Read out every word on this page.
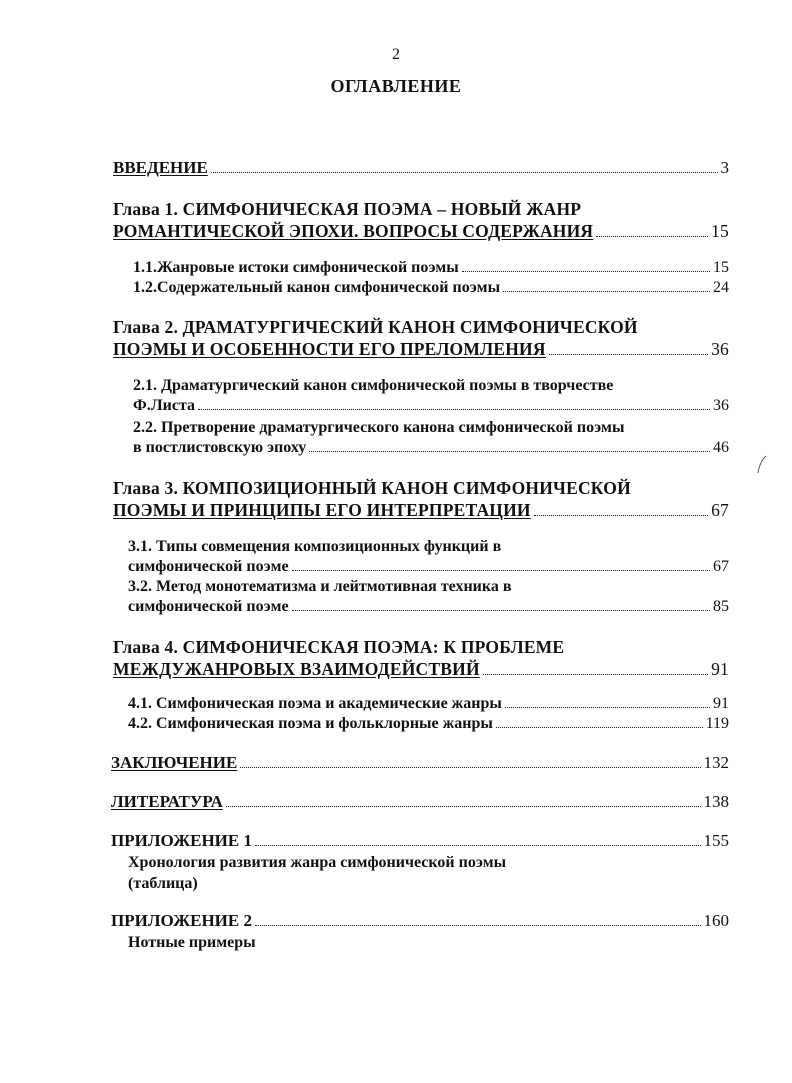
2
ОГЛАВЛЕНИЕ
ВВЕДЕНИЕ	3
Глава 1. СИМФОНИЧЕСКАЯ ПОЭМА – НОВЫЙ ЖАНР
РОМАНТИЧЕСКОЙ ЭПОХИ. ВОПРОСЫ СОДЕРЖАНИЯ	15
1.1.Жанровые истоки симфонической поэмы	15
1.2.Содержательный канон симфонической поэмы	24
Глава 2. ДРАМАТУРГИЧЕСКИЙ КАНОН СИМФОНИЧЕСКОЙ
ПОЭМЫ И ОСОБЕННОСТИ ЕГО ПРЕЛОМЛЕНИЯ	36
2.1. Драматургический канон симфонической поэмы в творчестве
Ф.Листа	36
2.2. Претворение драматургического канона симфонической поэмы
в постлистовскую эпоху	46
Глава 3. КОМПОЗИЦИОННЫЙ КАНОН СИМФОНИЧЕСКОЙ
ПОЭМЫ И ПРИНЦИПЫ ЕГО ИНТЕРПРЕТАЦИИ	67
3.1. Типы совмещения композиционных функций в
симфонической поэме	67
3.2. Метод монотематизма и лейтмотивная техника в
симфонической поэме	85
Глава 4. СИМФОНИЧЕСКАЯ ПОЭМА: К ПРОБЛЕМЕ
МЕЖДУЖАНРОВЫХ ВЗАИМОДЕЙСТВИЙ	91
4.1. Симфоническая поэма и академические жанры	91
4.2. Симфоническая поэма и фольклорные жанры	119
ЗАКЛЮЧЕНИЕ	132
ЛИТЕРАТУРА	138
ПРИЛОЖЕНИЕ 1	155
Хронология развития жанра симфонической поэмы
(таблица)
ПРИЛОЖЕНИЕ 2	160
Нотные примеры
